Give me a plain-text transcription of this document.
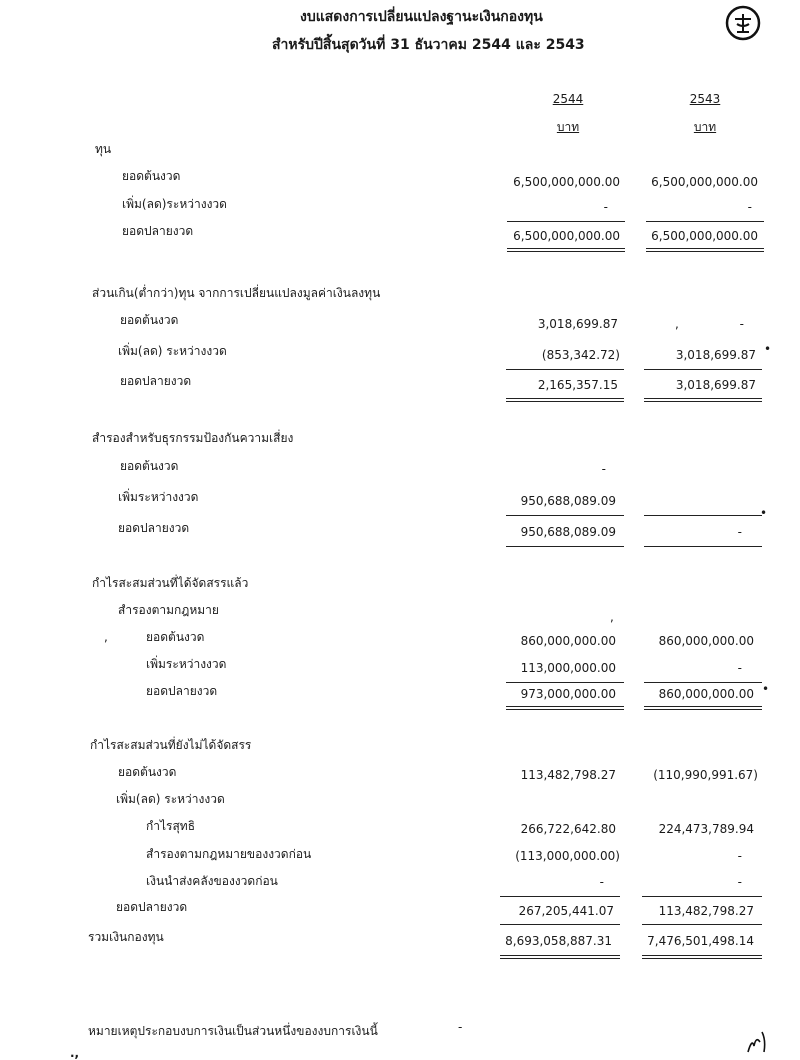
งบแสดงการเปลี่ยนแปลงฐานะเงินกองทุน
สำหรับปีสิ้นสุดวันที่ 31 ธันวาคม 2544 และ 2543
2544	2543
บาท	บาท
ทุน
ยอดต้นงวด	6,500,000,000.00	6,500,000,000.00
เพิ่ม(ลด)ระหว่างงวด	-	-
ยอดปลายงวด	6,500,000,000.00	6,500,000,000.00
ส่วนเกิน(ต่ำกว่า)ทุน จากการเปลี่ยนแปลงมูลค่าเงินลงทุน
ยอดต้นงวด	3,018,699.87	-
,
เพิ่ม(ลด) ระหว่างงวด	(853,342.72)	3,018,699.87 •
ยอดปลายงวด	2,165,357.15	3,018,699.87
สำรองสำหรับธุรกรรมป้องกันความเสี่ยง
ยอดต้นงวด	-
เพิ่มระหว่างงวด	950,688,089.09
•
ยอดปลายงวด	950,688,089.09	-
กำไรสะสมส่วนที่ได้จัดสรรแล้ว
สำรองตามกฎหมาย	,
,	ยอดต้นงวด	860,000,000.00	860,000,000.00
เพิ่มระหว่างงวด	113,000,000.00	-
ยอดปลายงวด	973,000,000.00	860,000,000.00 •
กำไรสะสมส่วนที่ยังไม่ได้จัดสรร
ยอดต้นงวด	113,482,798.27	(110,990,991.67)
เพิ่ม(ลด) ระหว่างงวด
กำไรสุทธิ	266,722,642.80	224,473,789.94
สำรองตามกฎหมายของงวดก่อน	(113,000,000.00)	-
เงินนำส่งคลังของงวดก่อน	-	-
ยอดปลายงวด	267,205,441.07	113,482,798.27
รวมเงินกองทุน	8,693,058,887.31	7,476,501,498.14
หมายเหตุประกอบงบการเงินเป็นส่วนหนึ่งของงบการเงินนี้	-
.,
